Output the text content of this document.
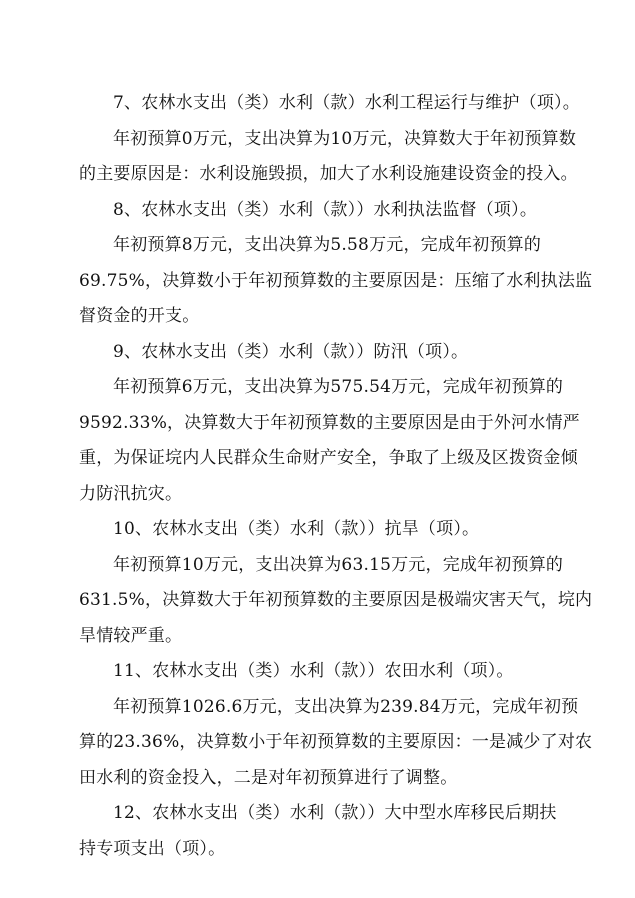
7、农林水支出（类）水利（款）水利工程运行与维护（项）。
年初预算0万元，支出决算为10万元，决算数大于年初预算数
的主要原因是：水利设施毁损，加大了水利设施建设资金的投入。
8、农林水支出（类）水利（款））水利执法监督（项）。
年初预算8万元，支出决算为5.58万元，完成年初预算的
69.75%，决算数小于年初预算数的主要原因是：压缩了水利执法监
督资金的开支。
9、农林水支出（类）水利（款））防汛（项）。
年初预算6万元，支出决算为575.54万元，完成年初预算的
9592.33%，决算数大于年初预算数的主要原因是由于外河水情严
重，为保证垸内人民群众生命财产安全，争取了上级及区拨资金倾
力防汛抗灾。
10、农林水支出（类）水利（款））抗旱（项）。
年初预算10万元，支出决算为63.15万元，完成年初预算的
631.5%，决算数大于年初预算数的主要原因是极端灾害天气，垸内
旱情较严重。
11、农林水支出（类）水利（款））农田水利（项）。
年初预算1026.6万元，支出决算为239.84万元，完成年初预
算的23.36%，决算数小于年初预算数的主要原因：一是减少了对农
田水利的资金投入，二是对年初预算进行了调整。
12、农林水支出（类）水利（款））大中型水库移民后期扶
持专项支出（项）。
